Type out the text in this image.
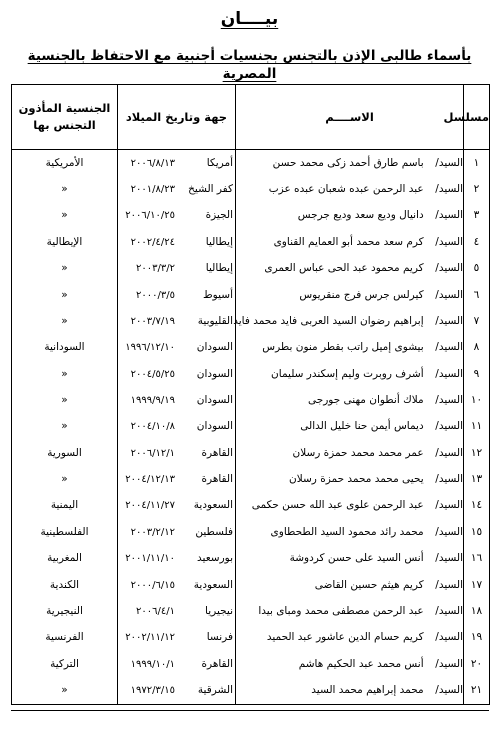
بيــــان
بأسماء طالبى الإذن بالتجنس بجنسيات أجنبية مع الاحتفاظ بالجنسية المصرية
مسلسل	الاســــم	جهة وتاريخ الميلاد	الجنسية المأذون التجنس بها
١	السيد/ باسم طارق أحمد زكى محمد حسن	أمريكا٢٠٠٦/٨/١٣	الأمريكية
٢	السيد/ عبد الرحمن عبده شعبان عبده عزب	كفر الشيخ٢٠٠١/٨/٢٣	«
٣	السيد/ دانيال وديع سعد وديع جرجس	الجيزة٢٠٠٦/١٠/٢٥	«
٤	السيد/ كرم سعد محمد أبو العمايم القناوى	إيطاليا٢٠٠٢/٤/٢٤	الإيطالية
٥	السيد/ كريم محمود عبد الحى عباس العمرى	إيطاليا٢٠٠٣/٣/٢	«
٦	السيد/ كيرلس جرس فرج منقريوس	أسيوط٢٠٠٠/٣/٥	«
٧	السيد/ إبراهيم رضوان السيد العربى فايد محمد فايد	القليوبية٢٠٠٣/٧/١٩	«
٨	السيد/ بيشوى إميل راتب بقطر منون بطرس	السودان١٩٩٦/١٢/١٠	السودانية
٩	السيد/ أشرف روبرت وليم إسكندر سليمان	السودان٢٠٠٤/٥/٢٥	«
١٠	السيد/ ملاك أنطوان مهنى جورجى	السودان١٩٩٩/٩/١٩	«
١١	السيد/ ديماس أيمن حنا خليل الدالى	السودان٢٠٠٤/١٠/٨	«
١٢	السيد/ عمر محمد محمد حمزة رسلان	القاهرة٢٠٠٦/١٢/١	السورية
١٣	السيد/ يحيى محمد محمد حمزة رسلان	القاهرة٢٠٠٤/١٢/١٣	«
١٤	السيد/ عبد الرحمن علوى عبد الله حسن حكمى	السعودية٢٠٠٤/١١/٢٧	اليمنية
١٥	السيد/ محمد رائد محمود السيد الطحطاوى	فلسطين٢٠٠٣/٢/١٢	الفلسطينية
١٦	السيد/ أنس السيد على حسن كردوشة	بورسعيد٢٠٠١/١١/١٠	المغربية
١٧	السيد/ كريم هيثم حسين القاضى	السعودية٢٠٠٠/٦/١٥	الكندية
١٨	السيد/ عبد الرحمن مصطفى محمد ومباى بيدا	نيجيريا٢٠٠٦/٤/١	النيجيرية
١٩	السيد/ كريم حسام الدين عاشور عبد الحميد	فرنسا٢٠٠٢/١١/١٢	الفرنسية
٢٠	السيد/ أنس محمد عبد الحكيم هاشم	القاهرة١٩٩٩/١٠/١	التركية
٢١	السيد/ محمد إبراهيم محمد السيد	الشرقية١٩٧٢/٣/١٥	«
